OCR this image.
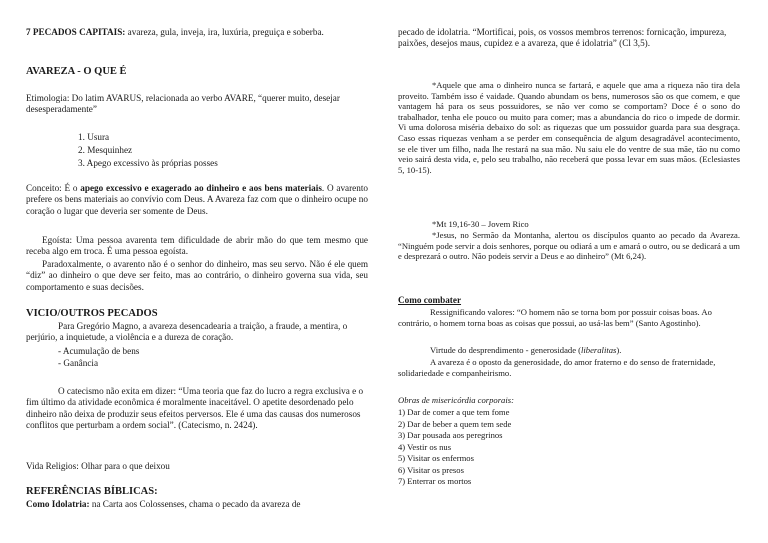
7 PECADOS CAPITAIS: avareza, gula, inveja, ira, luxúria, preguiça e soberba.

AVAREZA - O QUE É

Etimologia: Do latim AVARUS, relacionada ao verbo AVARE, “querer muito, desejar desesperadamente”

1. Usura
2. Mesquinhez
3. Apego excessivo às próprias posses

Conceito: É o apego excessivo e exagerado ao dinheiro e aos bens materiais. O avarento prefere os bens materiais ao convívio com Deus. A Avareza faz com que o dinheiro ocupe no coração o lugar que deveria ser somente de Deus.

Egoísta: Uma pessoa avarenta tem dificuldade de abrir mão do que tem mesmo que receba algo em troca. É uma pessoa egoísta.

Paradoxalmente, o avarento não é o senhor do dinheiro, mas seu servo. Não é ele quem “diz” ao dinheiro o que deve ser feito, mas ao contrário, o dinheiro governa sua vida, seu comportamento e suas decisões.

VICIO/OUTROS PECADOS

Para Gregório Magno, a avareza desencadearia a traição, a fraude, a mentira, o perjúrio, a inquietude, a violência e a dureza de coração.

- Acumulação de bens

- Ganância

O catecismo não exita em dizer: “Uma teoria que faz do lucro a regra exclusiva e o fim último da atividade econômica é moralmente inaceitável. O apetite desordenado pelo dinheiro não deixa de produzir seus efeitos perversos. Ele é uma das causas dos numerosos conflitos que perturbam a ordem social”. (Catecismo, n. 2424).

Vida Religios: Olhar para o que deixou

REFERÊNCIAS BÍBLICAS:

Como Idolatria: na Carta aos Colossenses, chama o pecado da avareza de

pecado de idolatria. “Mortificai, pois, os vossos membros terrenos: fornicação, impureza, paixões, desejos maus, cupidez e a avareza, que é idolatria” (Cl 3,5).

*Aquele que ama o dinheiro nunca se fartará, e aquele que ama a riqueza não tira dela proveito. Também isso é vaidade. Quando abundam os bens, numerosos são os que comem, e que vantagem há para os seus possuidores, se não ver como se comportam? Doce é o sono do trabalhador, tenha ele pouco ou muito para comer; mas a abundancia do rico o impede de dormir. Vi uma dolorosa miséria debaixo do sol: as riquezas que um possuidor guarda para sua desgraça. Caso essas riquezas venham a se perder em consequência de algum desagradável acontecimento, se ele tiver um filho, nada lhe restará na sua mão. Nu saiu ele do ventre de sua mãe, tão nu como veio sairá desta vida, e, pelo seu trabalho, não receberá que possa levar em suas mãos. (Eclesiastes 5, 10-15).

*Mt 19,16-30 – Jovem Rico

*Jesus, no Sermão da Montanha, alertou os discípulos quanto ao pecado da Avareza. “Ninguém pode servir a dois senhores, porque ou odiará a um e amará o outro, ou se dedicará a um e desprezará o outro. Não podeis servir a Deus e ao dinheiro” (Mt 6,24).

Como combater

Ressignificando valores: “O homem não se torna bom por possuir coisas boas. Ao contrário, o homem torna boas as coisas que possui, ao usá-las bem” (Santo Agostinho).

Virtude do desprendimento - generosidade (liberalitas).

A avareza é o oposto da generosidade, do amor fraterno e do senso de fraternidade, solidariedade e companheirismo.

Obras de misericórdia corporais:

1) Dar de comer a que tem fome

2) Dar de beber a quem tem sede

3) Dar pousada aos peregrinos

4) Vestir os nus

5) Visitar os enfermos

6) Visitar os presos

7) Enterrar os mortos
